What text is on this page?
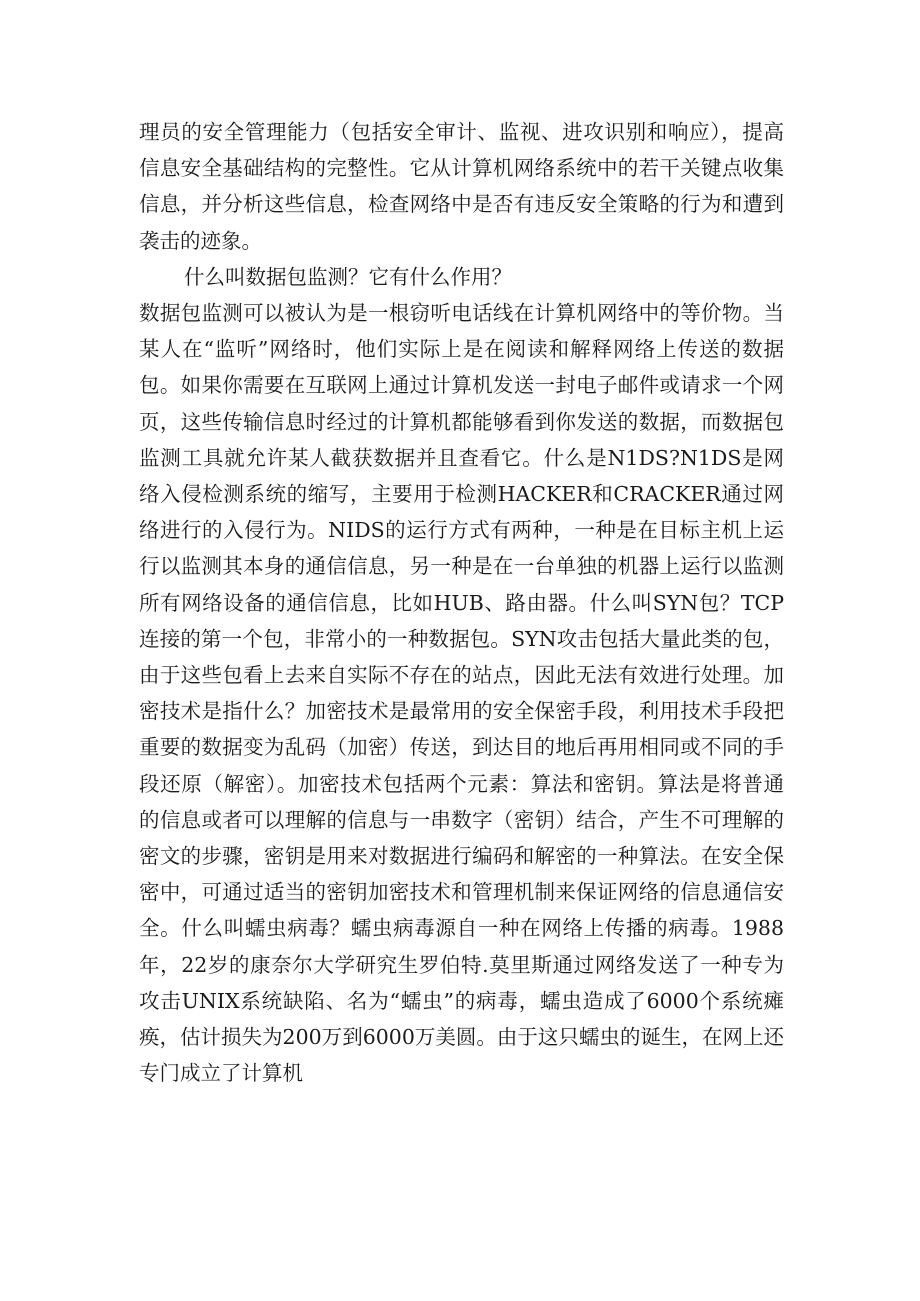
理员的安全管理能力（包括安全审计、监视、进攻识别和响应），提高信息安全基础结构的完整性。它从计算机网络系统中的若干关键点收集信息，并分析这些信息，检查网络中是否有违反安全策略的行为和遭到袭击的迹象。

什么叫数据包监测？它有什么作用？

数据包监测可以被认为是一根窃听电话线在计算机网络中的等价物。当某人在“监听”网络时，他们实际上是在阅读和解释网络上传送的数据包。如果你需要在互联网上通过计算机发送一封电子邮件或请求一个网页，这些传输信息时经过的计算机都能够看到你发送的数据，而数据包监测工具就允许某人截获数据并且查看它。什么是N1DS?N1DS是网络入侵检测系统的缩写，主要用于检测HACKER和CRACKER通过网络进行的入侵行为。NIDS的运行方式有两种，一种是在目标主机上运行以监测其本身的通信信息，另一种是在一台单独的机器上运行以监测所有网络设备的通信信息，比如HUB、路由器。什么叫SYN包？TCP连接的第一个包，非常小的一种数据包。SYN攻击包括大量此类的包，由于这些包看上去来自实际不存在的站点，因此无法有效进行处理。加密技术是指什么？加密技术是最常用的安全保密手段，利用技术手段把重要的数据变为乱码（加密）传送，到达目的地后再用相同或不同的手段还原（解密）。加密技术包括两个元素：算法和密钥。算法是将普通的信息或者可以理解的信息与一串数字（密钥）结合，产生不可理解的密文的步骤，密钥是用来对数据进行编码和解密的一种算法。在安全保密中，可通过适当的密钥加密技术和管理机制来保证网络的信息通信安全。什么叫蠕虫病毒？蠕虫病毒源自一种在网络上传播的病毒。1988年，22岁的康奈尔大学研究生罗伯特.莫里斯通过网络发送了一种专为攻击UNIX系统缺陷、名为“蠕虫”的病毒，蠕虫造成了6000个系统瘫痪，估计损失为200万到6000万美圆。由于这只蠕虫的诞生，在网上还专门成立了计算机
